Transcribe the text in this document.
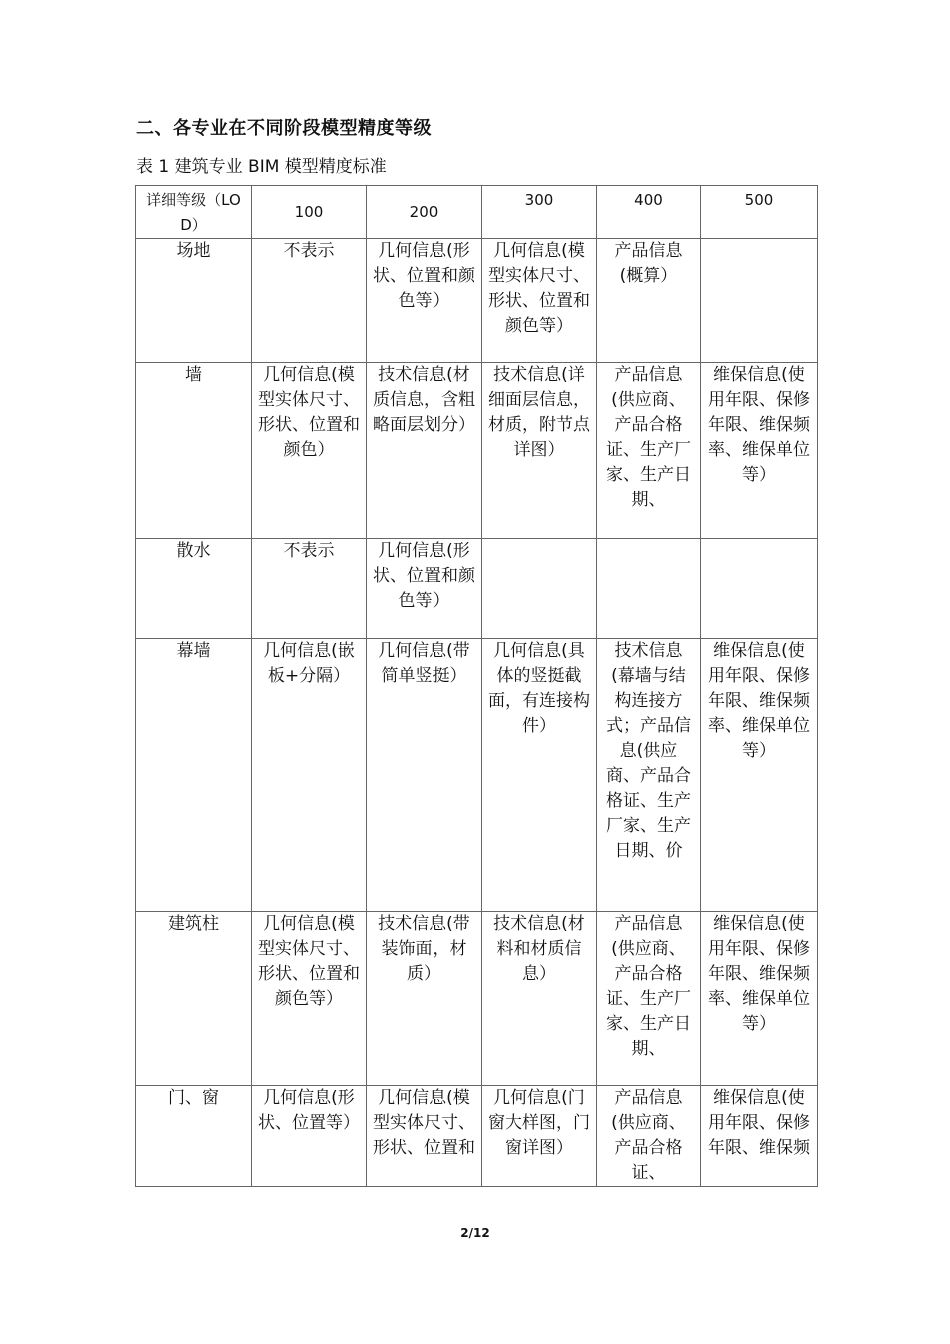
二、各专业在不同阶段模型精度等级
表 1 建筑专业 BIM 模型精度标准
详细等级（LOD）	100	200	300	400	500
场地	不表示	几何信息(形状、位置和颜色等）	几何信息(模型实体尺寸、形状、位置和颜色等）	产品信息(概算）	

墙	几何信息(模型实体尺寸、形状、位置和颜色）	技术信息(材质信息，含粗略面层划分）	技术信息(详细面层信息，材质，附节点详图）	产品信息(供应商、产品合格证、生产厂家、生产日期、	维保信息(使用年限、保修年限、维保频率、维保单位等）

散水	不表示	几何信息(形状、位置和颜色等）			

幕墙	几何信息(嵌板+分隔）	几何信息(带简单竖挺）	几何信息(具体的竖挺截面，有连接构件）	技术信息(幕墙与结构连接方式；产品信息(供应商、产品合格证、生产厂家、生产日期、价	维保信息(使用年限、保修年限、维保频率、维保单位等）

建筑柱	几何信息(模型实体尺寸、形状、位置和颜色等）	技术信息(带装饰面，材质）	技术信息(材料和材质信息）	产品信息(供应商、产品合格证、生产厂家、生产日期、	维保信息(使用年限、保修年限、维保频率、维保单位等）

门、窗	几何信息(形状、位置等）	几何信息(模型实体尺寸、形状、位置和	几何信息(门窗大样图，门窗详图）	产品信息(供应商、产品合格证、	维保信息(使用年限、保修年限、维保频
2/12
